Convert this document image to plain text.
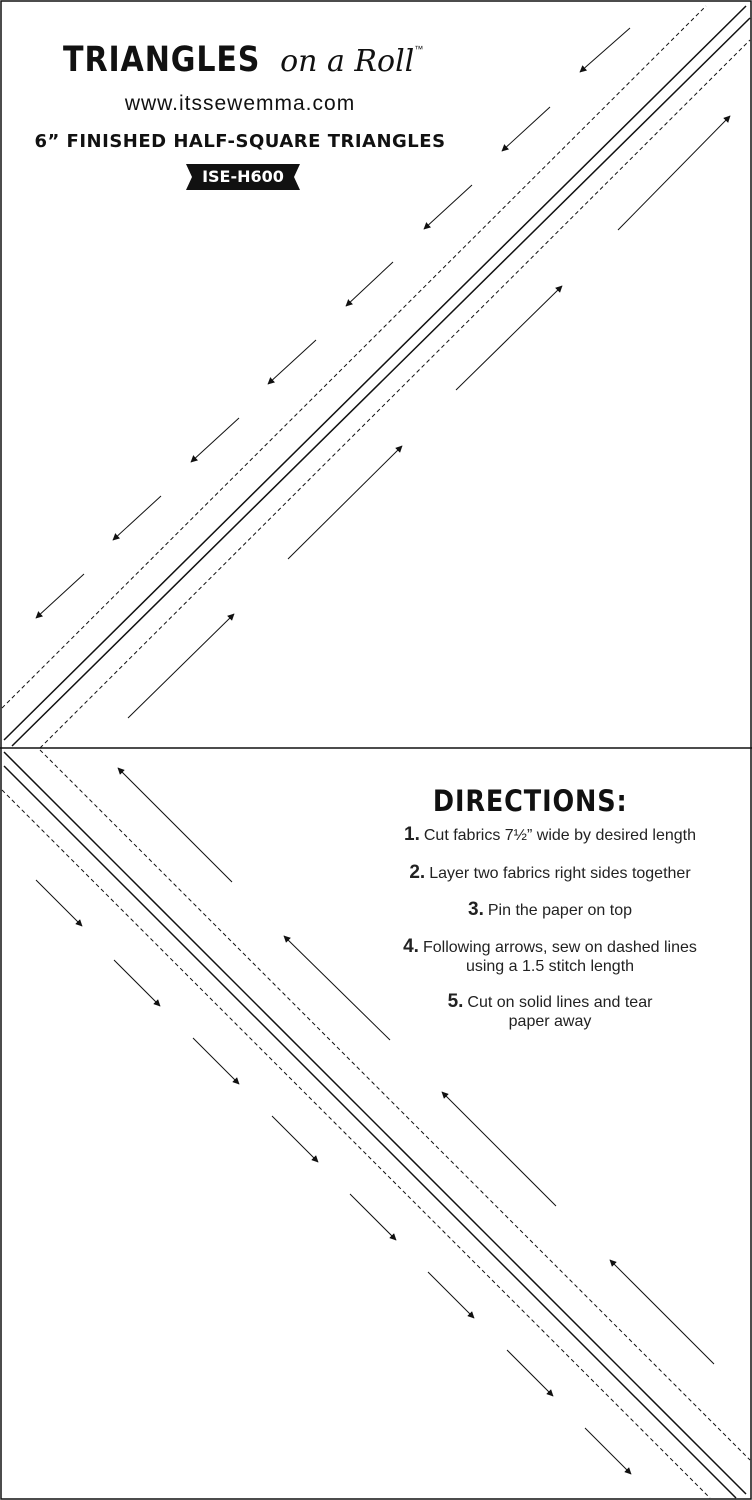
TRIANGLES on a Roll™
www.itssewemma.com
6” FINISHED HALF-SQUARE TRIANGLES
ISE-H600
DIRECTIONS:
1. Cut fabrics 7½” wide by desired length
2. Layer two fabrics right sides together
3. Pin the paper on top
4. Following arrows, sew on dashed lines
using a 1.5 stitch length
5. Cut on solid lines and tear
paper away
